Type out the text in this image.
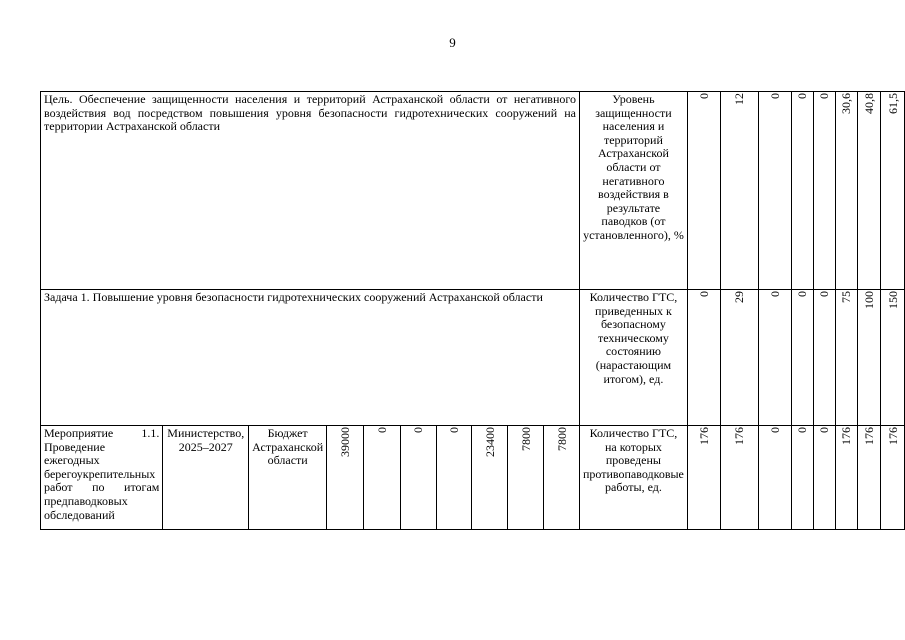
9
Цель. Обеспечение защищенности населения и территорий Астраханской области от негативного воздействия вод посредством повышения уровня безопасности гидротехнических сооружений на территории Астраханской области										Уровень защищенности населения и территорий Астраханской области от негативного воздействия в результате паводков (от установленного), %	0	12	0	0	0	30,6	40,8	61,5

Задача 1. Повышение уровня безопасности гидротехнических сооружений Астраханской области										Количество ГТС, приведенных к безопасному техническому состоянию (нарастающим итогом), ед.	0	29	0	0	0	75	100	150

Мероприятие 1.1. Проведение ежегодных берегоукрепительных работ по итогам предпаводковых обследований	Министерство, 2025–2027	Бюджет Астраханской области	39000	0	0	0	23400	7800	7800	Количество ГТС, на которых проведены противопаводковые работы, ед.	176	176	0	0	0	176	176	176
